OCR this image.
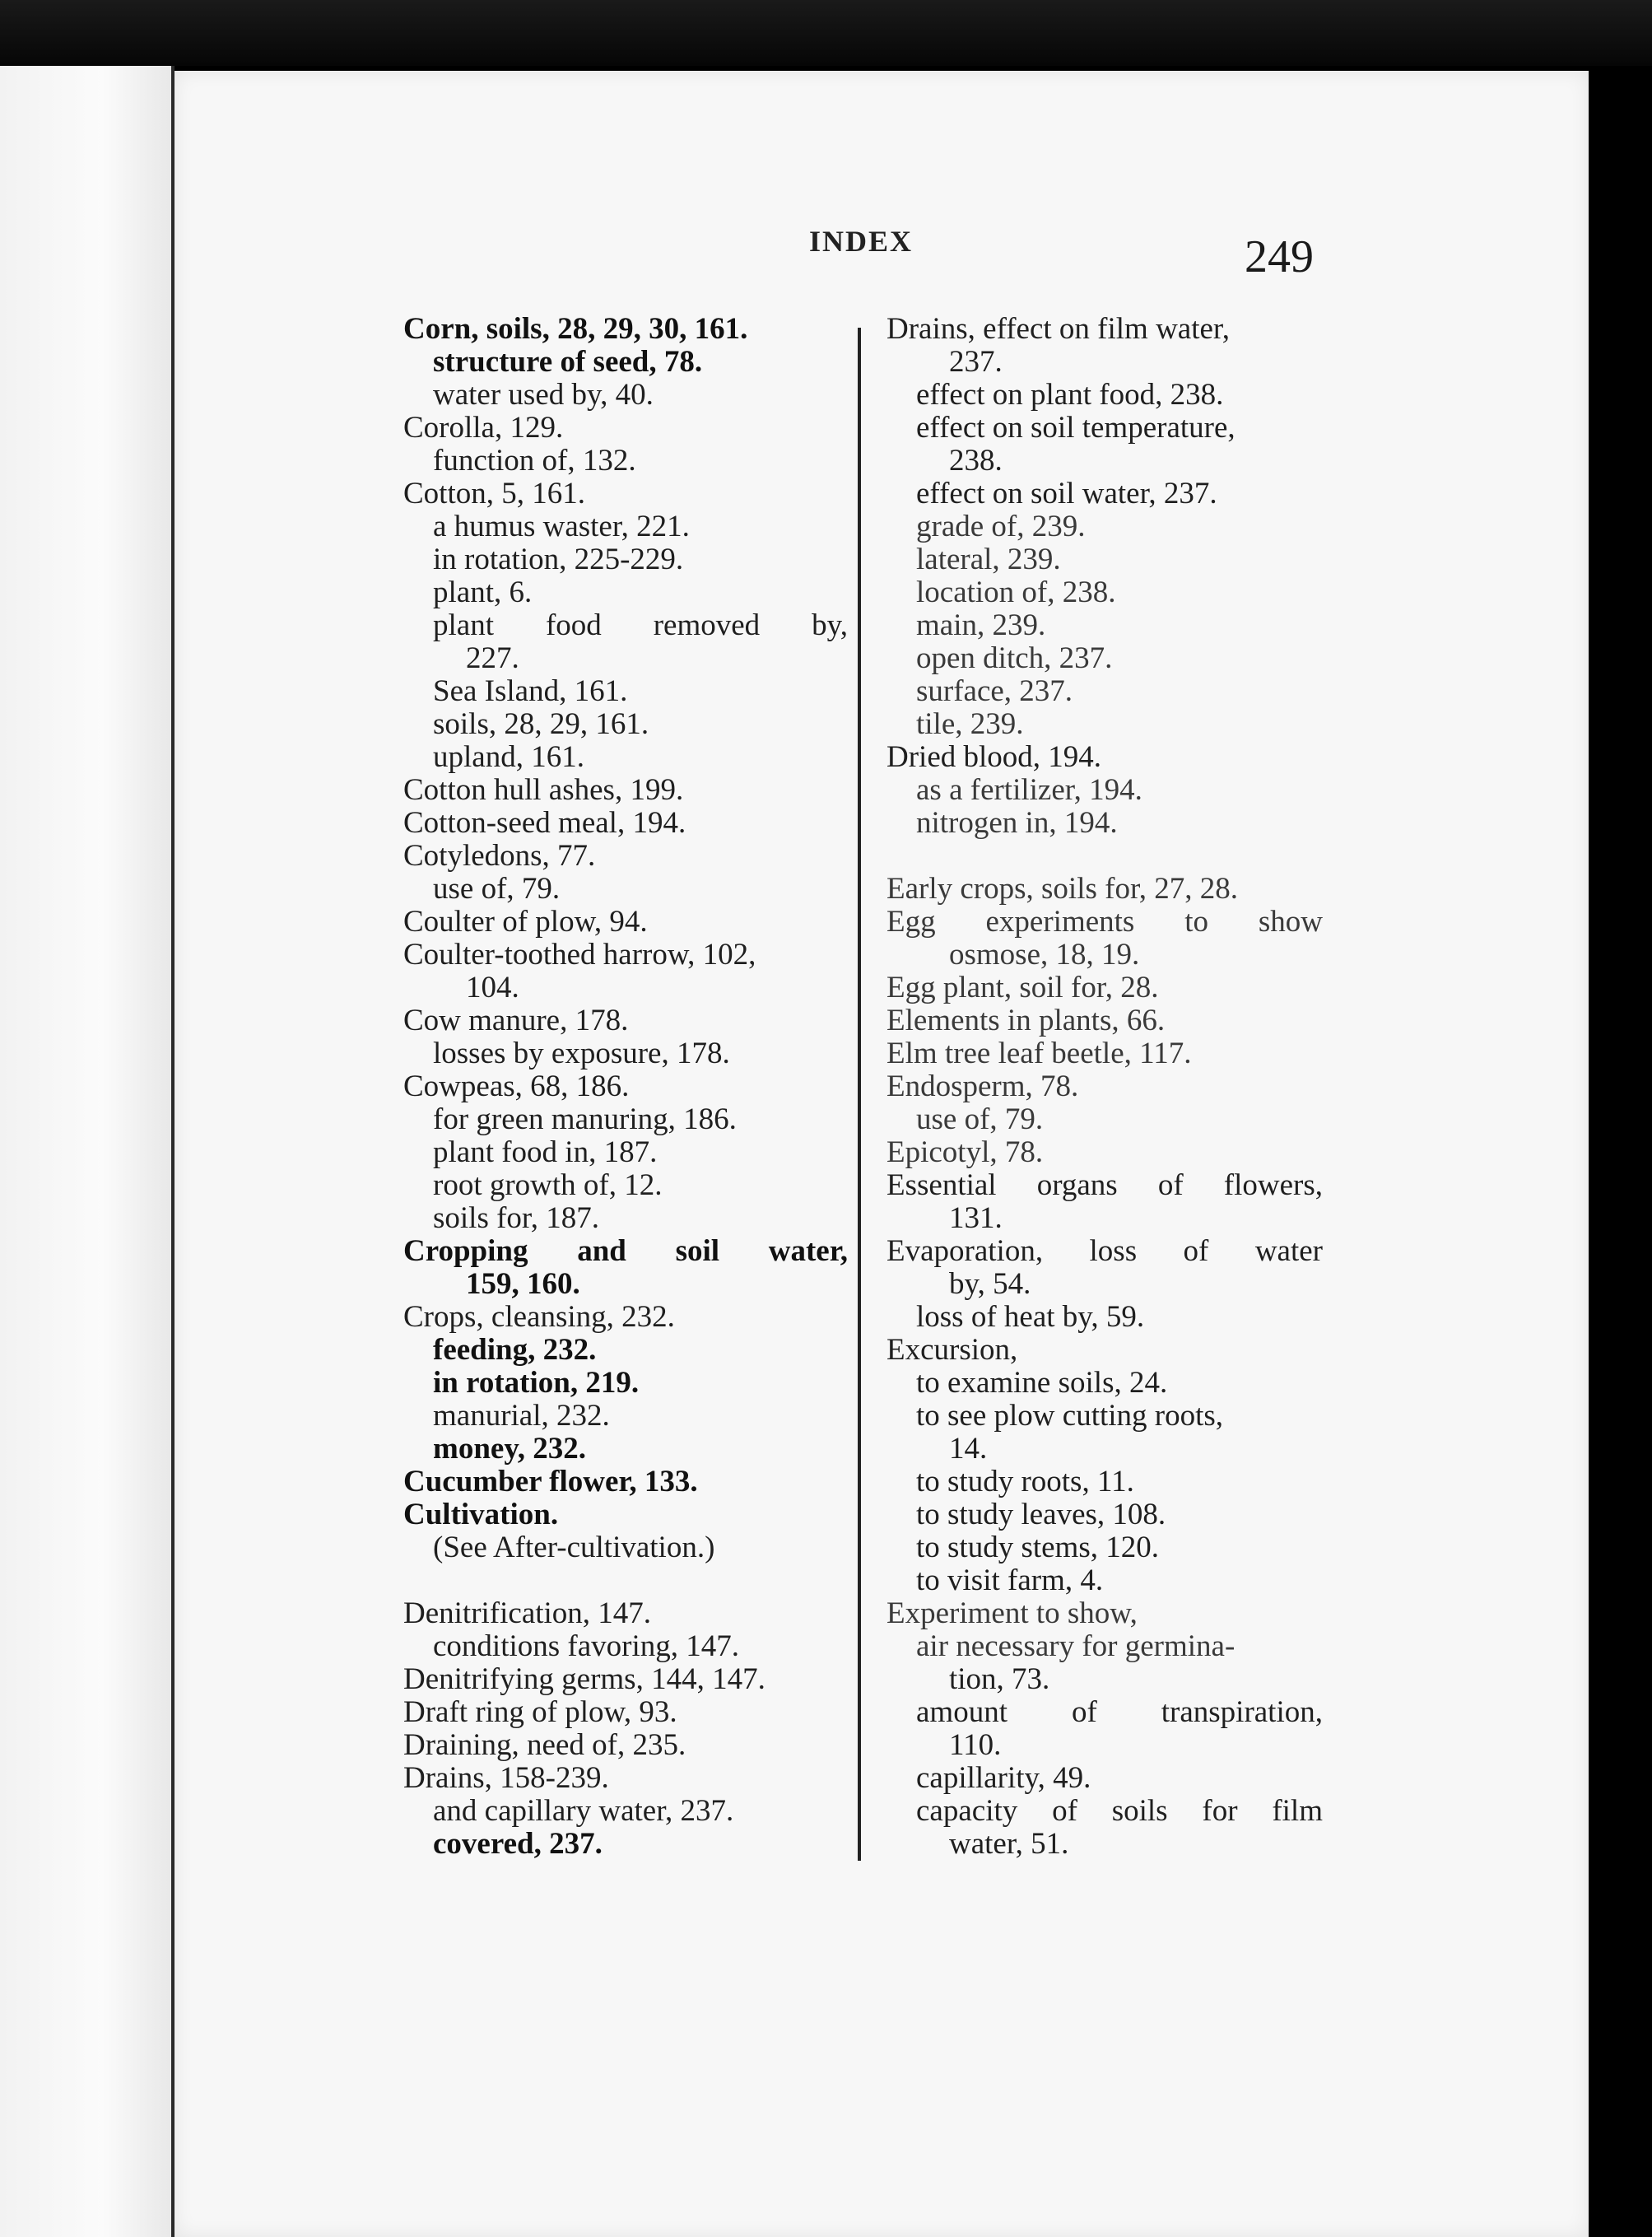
INDEX	249
Corn, soils, 28, 29, 30, 161.
structure of seed, 78.
water used by, 40.
Corolla, 129.
function of, 132.
Cotton, 5, 161.
a humus waster, 221.
in rotation, 225-229.
plant, 6.
plant food removed by,
227.
Sea Island, 161.
soils, 28, 29, 161.
upland, 161.
Cotton hull ashes, 199.
Cotton-seed meal, 194.
Cotyledons, 77.
use of, 79.
Coulter of plow, 94.
Coulter-toothed harrow, 102,
104.
Cow manure, 178.
losses by exposure, 178.
Cowpeas, 68, 186.
for green manuring, 186.
plant food in, 187.
root growth of, 12.
soils for, 187.
Cropping and soil water,
159, 160.
Crops, cleansing, 232.
feeding, 232.
in rotation, 219.
manurial, 232.
money, 232.
Cucumber flower, 133.
Cultivation.
(See After-cultivation.)
Denitrification, 147.
conditions favoring, 147.
Denitrifying germs, 144, 147.
Draft ring of plow, 93.
Draining, need of, 235.
Drains, 158-239.
and capillary water, 237.
covered, 237.
Drains, effect on film water,
237.
effect on plant food, 238.
effect on soil temperature,
238.
effect on soil water, 237.
grade of, 239.
lateral, 239.
location of, 238.
main, 239.
open ditch, 237.
surface, 237.
tile, 239.
Dried blood, 194.
as a fertilizer, 194.
nitrogen in, 194.
Early crops, soils for, 27, 28.
Egg experiments to show
osmose, 18, 19.
Egg plant, soil for, 28.
Elements in plants, 66.
Elm tree leaf beetle, 117.
Endosperm, 78.
use of, 79.
Epicotyl, 78.
Essential organs of flowers,
131.
Evaporation, loss of water
by, 54.
loss of heat by, 59.
Excursion,
to examine soils, 24.
to see plow cutting roots,
14.
to study roots, 11.
to study leaves, 108.
to study stems, 120.
to visit farm, 4.
Experiment to show,
air necessary for germina-
tion, 73.
amount of transpiration,
110.
capillarity, 49.
capacity of soils for film
water, 51.
